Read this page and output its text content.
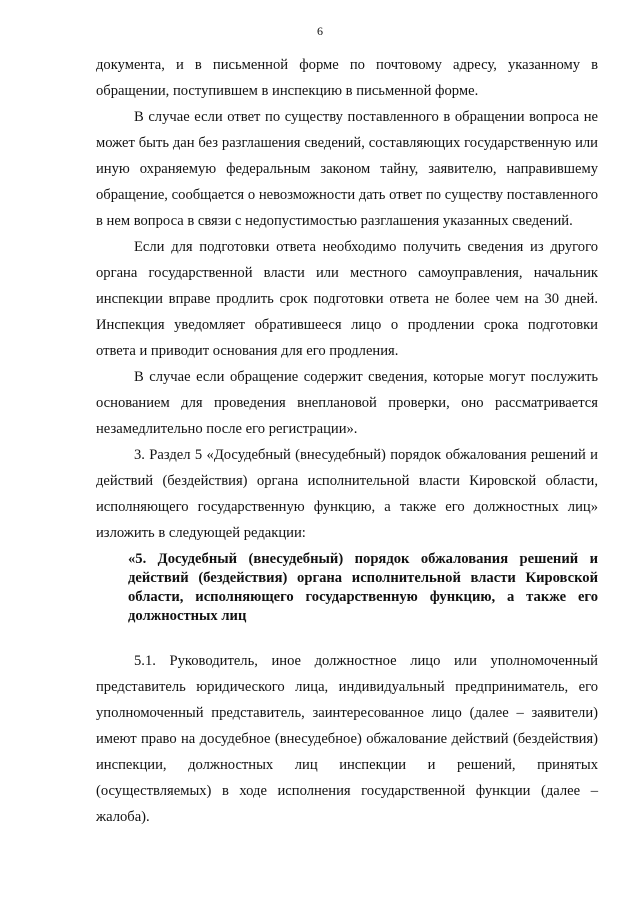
6

документа, и в письменной форме по почтовому адресу, указанному в обращении, поступившем в инспекцию в письменной форме.

В случае если ответ по существу поставленного в обращении вопроса не может быть дан без разглашения сведений, составляющих государственную или иную охраняемую федеральным законом тайну, заявителю, направившему обращение, сообщается о невозможности дать ответ по существу поставленного в нем вопроса в связи с недопустимостью разглашения указанных сведений.

Если для подготовки ответа необходимо получить сведения из другого органа государственной власти или местного самоуправления, начальник инспекции вправе продлить срок подготовки ответа не более чем на 30 дней. Инспекция уведомляет обратившееся лицо о продлении срока подготовки ответа и приводит основания для его продления.

В случае если обращение содержит сведения, которые могут послужить основанием для проведения внеплановой проверки, оно рассматривается незамедлительно после его регистрации».

3. Раздел 5 «Досудебный (внесудебный) порядок обжалования решений и действий (бездействия) органа исполнительной власти Кировской области, исполняющего государственную функцию, а также его должностных лиц» изложить в следующей редакции:

«5. Досудебный (внесудебный) порядок обжалования решений и действий (бездействия) органа исполнительной власти Кировской области, исполняющего государственную функцию, а также его должностных лиц

5.1. Руководитель, иное должностное лицо или уполномоченный представитель юридического лица, индивидуальный предприниматель, его уполномоченный представитель, заинтересованное лицо (далее – заявители) имеют право на досудебное (внесудебное) обжалование действий (бездействия) инспекции, должностных лиц инспекции и решений, принятых (осуществляемых) в ходе исполнения государственной функции (далее – жалоба).
